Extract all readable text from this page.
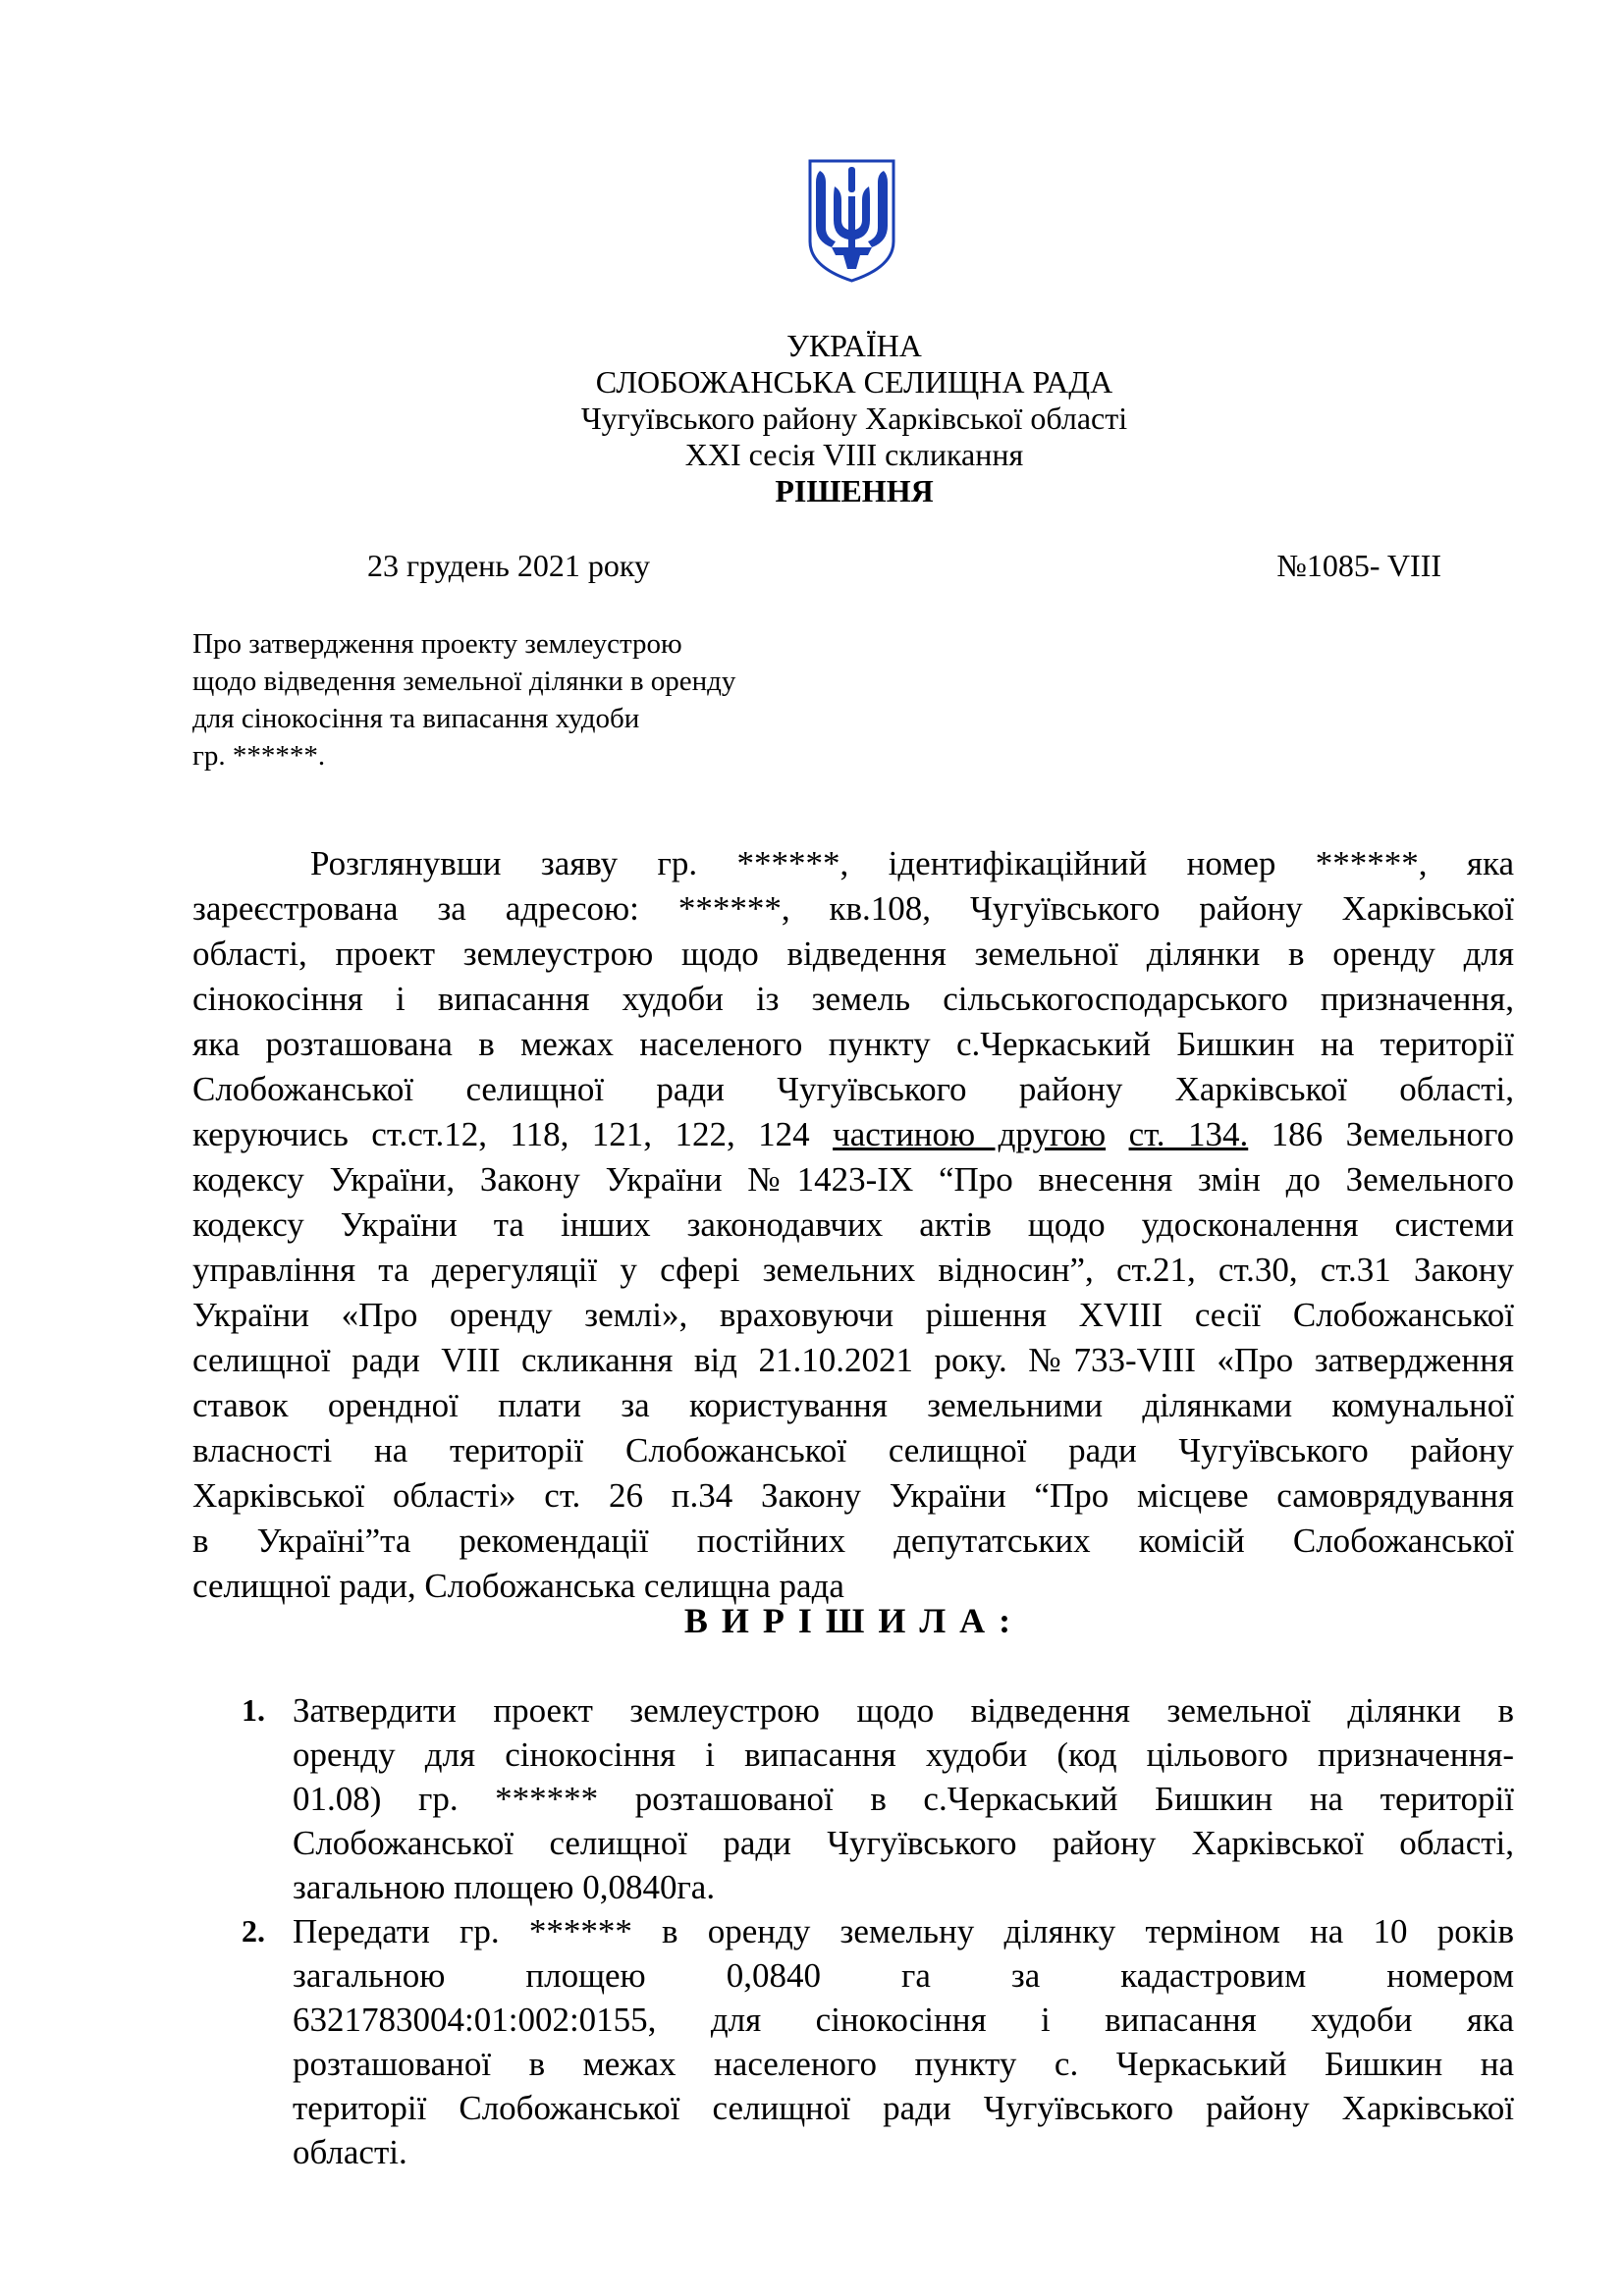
УКРАЇНА
СЛОБОЖАНСЬКА СЕЛИЩНА РАДА
Чугуївського району Харківської області
XXI сесія VIII скликання
РІШЕННЯ
23 грудень 2021 року	№1085- VIII
Про затвердження проекту землеустрою
щодо відведення земельної ділянки в оренду
для сінокосіння та випасання худоби
гр. ******.
Розглянувши заяву гр. ******, ідентифікаційний номер ******, яка
зареєстрована за адресою: ******, кв.108, Чугуївського району Харківської
області, проект землеустрою щодо відведення земельної ділянки в оренду для
сінокосіння і випасання худоби із земель сільськогосподарського призначення,
яка розташована в межах населеного пункту с.Черкаський Бишкин на території
Слобожанської селищної ради Чугуївського району Харківської області,
керуючись ст.ст.12, 118, 121, 122, 124 частиною другою ст. 134. 186 Земельного
кодексу України, Закону України №1423-IX “Про внесення змін до Земельного
кодексу України та інших законодавчих актів щодо удосконалення системи
управління та дерегуляції у сфері земельних відносин”, ст.21, ст.30, ст.31 Закону
України «Про оренду землі», враховуючи рішення XVIII сесії Слобожанської
селищної ради VIII скликання від 21.10.2021 року. №733-VIII «Про затвердження
ставок орендної плати за користування земельними ділянками комунальної
власності на території Слобожанської селищної ради Чугуївського району
Харківської області» ст. 26 п.34 Закону України “Про місцеве самоврядування
в Україні”та рекомендації постійних депутатських комісій Слобожанської
селищної ради, Слобожанська селищна рада
ВИРІШИЛА:
1. Затвердити проект землеустрою щодо відведення земельної ділянки в
оренду для сінокосіння і випасання худоби (код цільового призначення-
01.08) гр. ****** розташованої в с.Черкаський Бишкин на території
Слобожанської селищної ради Чугуївського району Харківської області,
загальною площею 0,0840га.
2. Передати гр. ****** в оренду земельну ділянку терміном на 10 років
загальною площею 0,0840 га за кадастровим номером
6321783004:01:002:0155, для сінокосіння і випасання худоби яка
розташованої в межах населеного пункту с. Черкаський Бишкин на
території Слобожанської селищної ради Чугуївського району Харківської
області.
